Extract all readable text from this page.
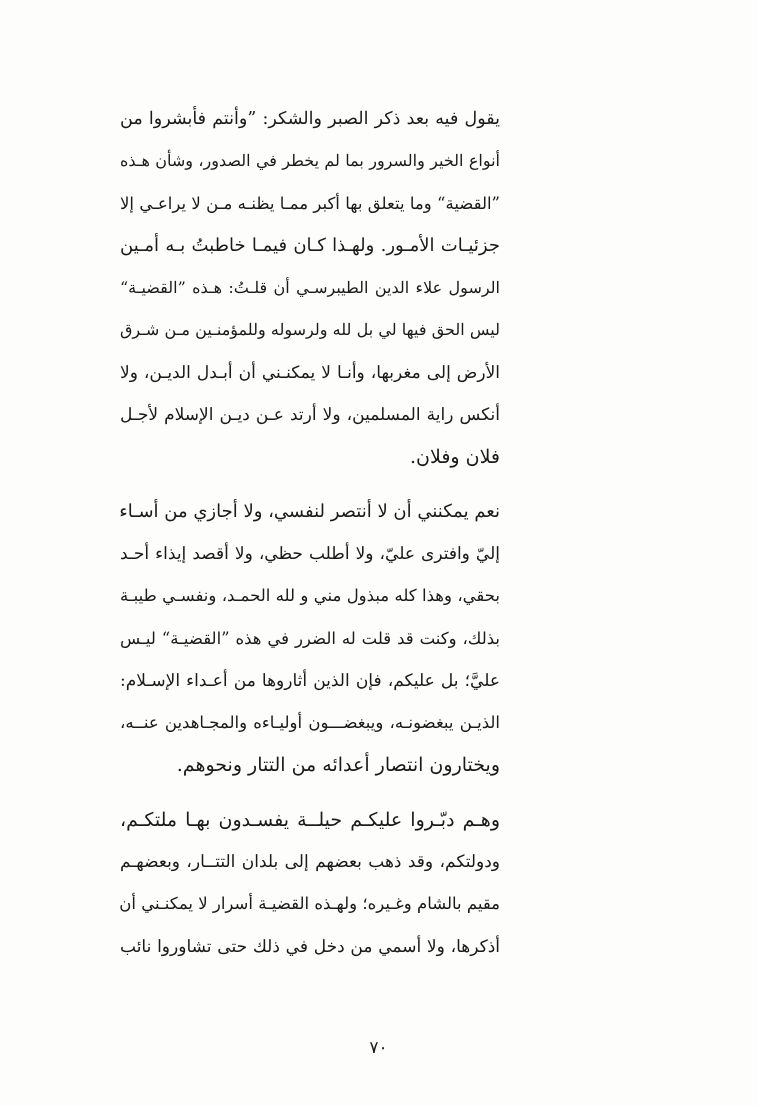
يقول فيه بعد ذكر الصبر والشكر: ”وأنتم فأبشروا من
أنواع الخير والسرور بما لم يخطر في الصدور، وشأن هـذه
”القضية“ وما يتعلق بها أكبر ممـا يظنـه مـن لا يراعـي إلا
جزئيـات الأمـور. ولهـذا كـان فيمـا خاطبتُ بـه أمـين
الرسول علاء الدين الطيبرسـي أن قلـتُ: هـذه ”القضيـة“
ليس الحق فيها لي بل لله ولرسوله وللمؤمنـين مـن شـرق
الأرض إلى مغربها، وأنـا لا يمكنـني أن أبـدل الديـن، ولا
أنكس راية المسلمين، ولا أرتد عـن ديـن الإسلام لأجـل
فلان وفلان.

نعم يمكنني أن لا أنتصر لنفسي، ولا أجازي من أسـاء
إليّ وافترى عليّ، ولا أطلب حظي، ولا أقصد إيذاء أحـد
بحقي، وهذا كله مبذول مني و لله الحمـد، ونفسـي طيبـة
بذلك، وكنت قد قلت له الضرر في هذه ”القضيـة“ ليـس
عليَّ؛ بل عليكم، فإن الذين أثاروها من أعـداء الإسـلام:
الذيـن يبغضونـه، ويبغضـــون أوليـاءه والمجـاهدين عنــه،
ويختارون انتصار أعدائه من التتار ونحوهم.

وهـم دبّـروا عليكـم حيلــة يفسـدون بهـا ملتكـم،
ودولتكم، وقد ذهب بعضهم إلى بلدان التتــار، وبعضهـم
مقيم بالشام وغـيره؛ ولهـذه القضيـة أسرار لا يمكنـني أن
أذكرها، ولا أسمي من دخل في ذلك حتى تشاوروا نائب

٧٠
